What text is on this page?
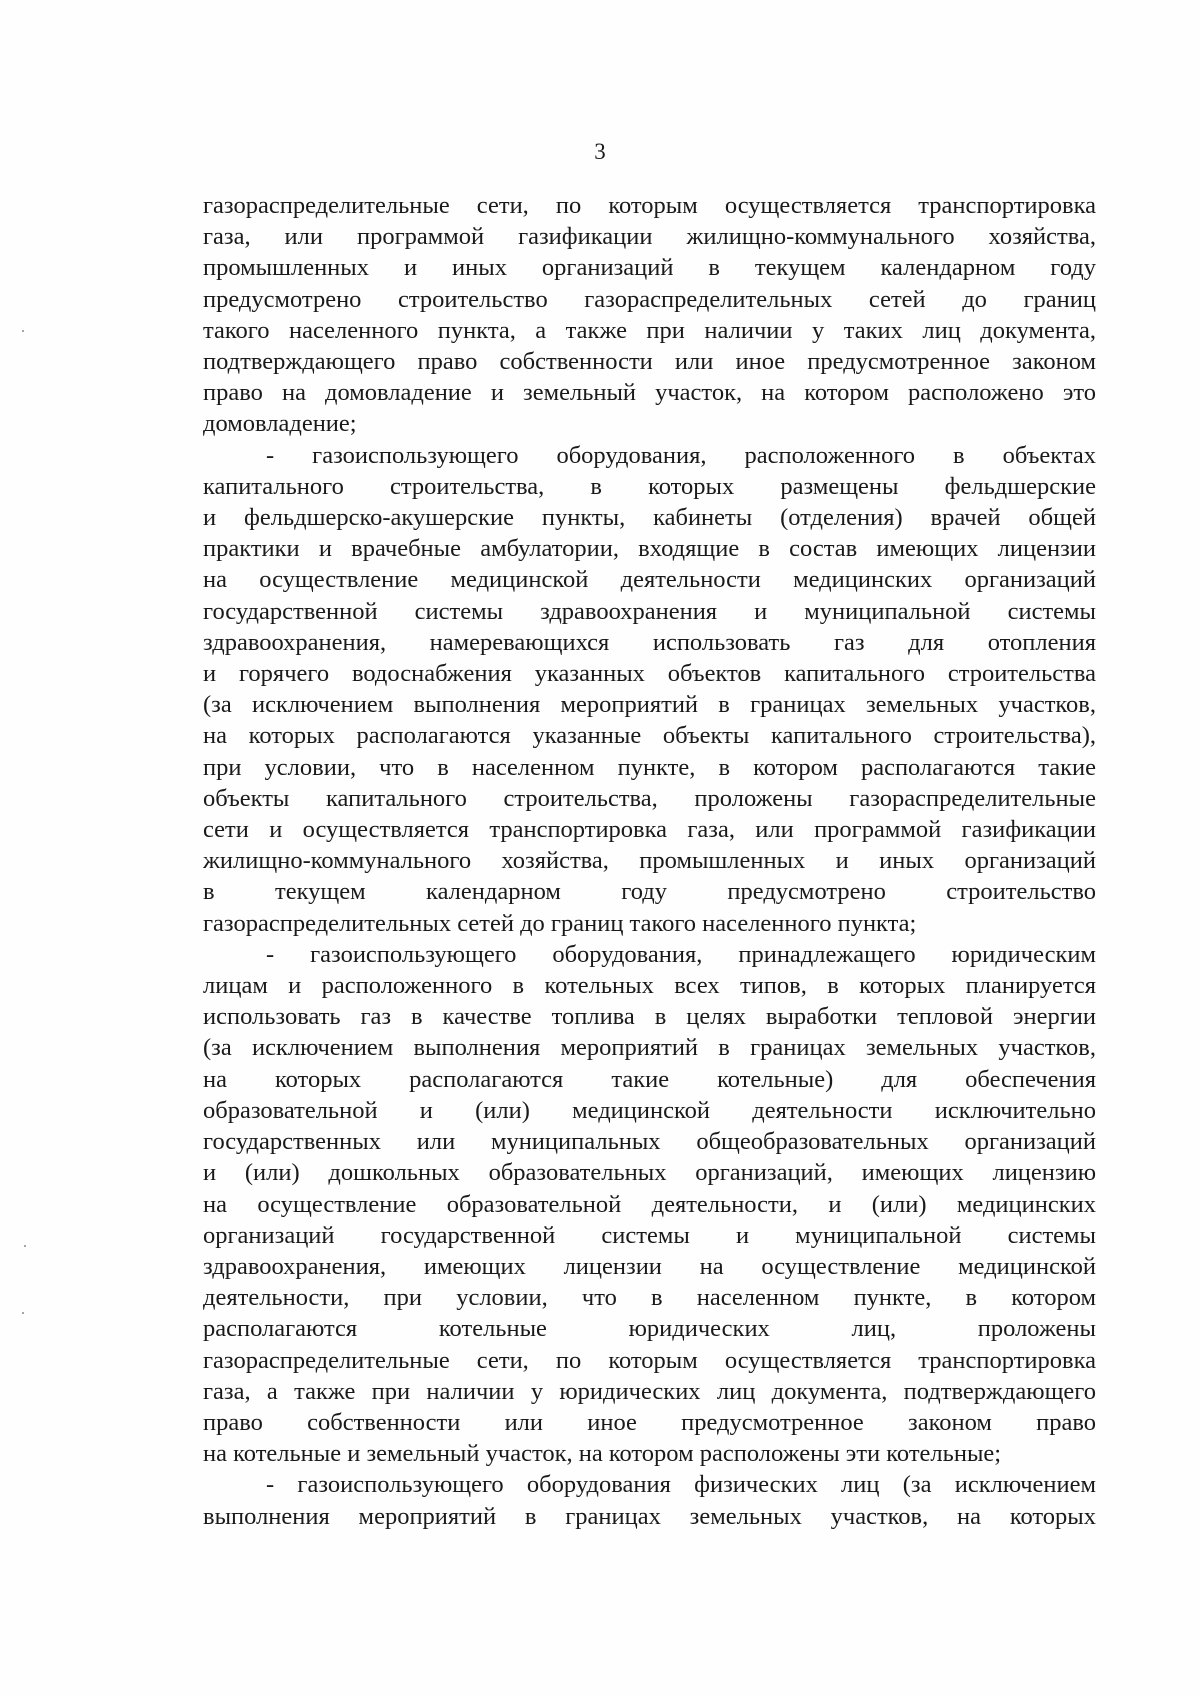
3
газораспределительные сети, по которым осуществляется транспортировка
газа, или программой газификации жилищно-коммунального хозяйства,
промышленных и иных организаций в текущем календарном году
предусмотрено строительство газораспределительных сетей до границ
такого населенного пункта, а также при наличии у таких лиц документа,
подтверждающего право собственности или иное предусмотренное законом
право на домовладение и земельный участок, на котором расположено это
домовладение;
- газоиспользующего оборудования, расположенного в объектах
капитального строительства, в которых размещены фельдшерские
и фельдшерско-акушерские пункты, кабинеты (отделения) врачей общей
практики и врачебные амбулатории, входящие в состав имеющих лицензии
на осуществление медицинской деятельности медицинских организаций
государственной системы здравоохранения и муниципальной системы
здравоохранения, намеревающихся использовать газ для отопления
и горячего водоснабжения указанных объектов капитального строительства
(за исключением выполнения мероприятий в границах земельных участков,
на которых располагаются указанные объекты капитального строительства),
при условии, что в населенном пункте, в котором располагаются такие
объекты капитального строительства, проложены газораспределительные
сети и осуществляется транспортировка газа, или программой газификации
жилищно-коммунального хозяйства, промышленных и иных организаций
в текущем календарном году предусмотрено строительство
газораспределительных сетей до границ такого населенного пункта;
- газоиспользующего оборудования, принадлежащего юридическим
лицам и расположенного в котельных всех типов, в которых планируется
использовать газ в качестве топлива в целях выработки тепловой энергии
(за исключением выполнения мероприятий в границах земельных участков,
на которых располагаются такие котельные) для обеспечения
образовательной и (или) медицинской деятельности исключительно
государственных или муниципальных общеобразовательных организаций
и (или) дошкольных образовательных организаций, имеющих лицензию
на осуществление образовательной деятельности, и (или) медицинских
организаций государственной системы и муниципальной системы
здравоохранения, имеющих лицензии на осуществление медицинской
деятельности, при условии, что в населенном пункте, в котором
располагаются котельные юридических лиц, проложены
газораспределительные сети, по которым осуществляется транспортировка
газа, а также при наличии у юридических лиц документа, подтверждающего
право собственности или иное предусмотренное законом право
на котельные и земельный участок, на котором расположены эти котельные;
- газоиспользующего оборудования физических лиц (за исключением
выполнения мероприятий в границах земельных участков, на которых
